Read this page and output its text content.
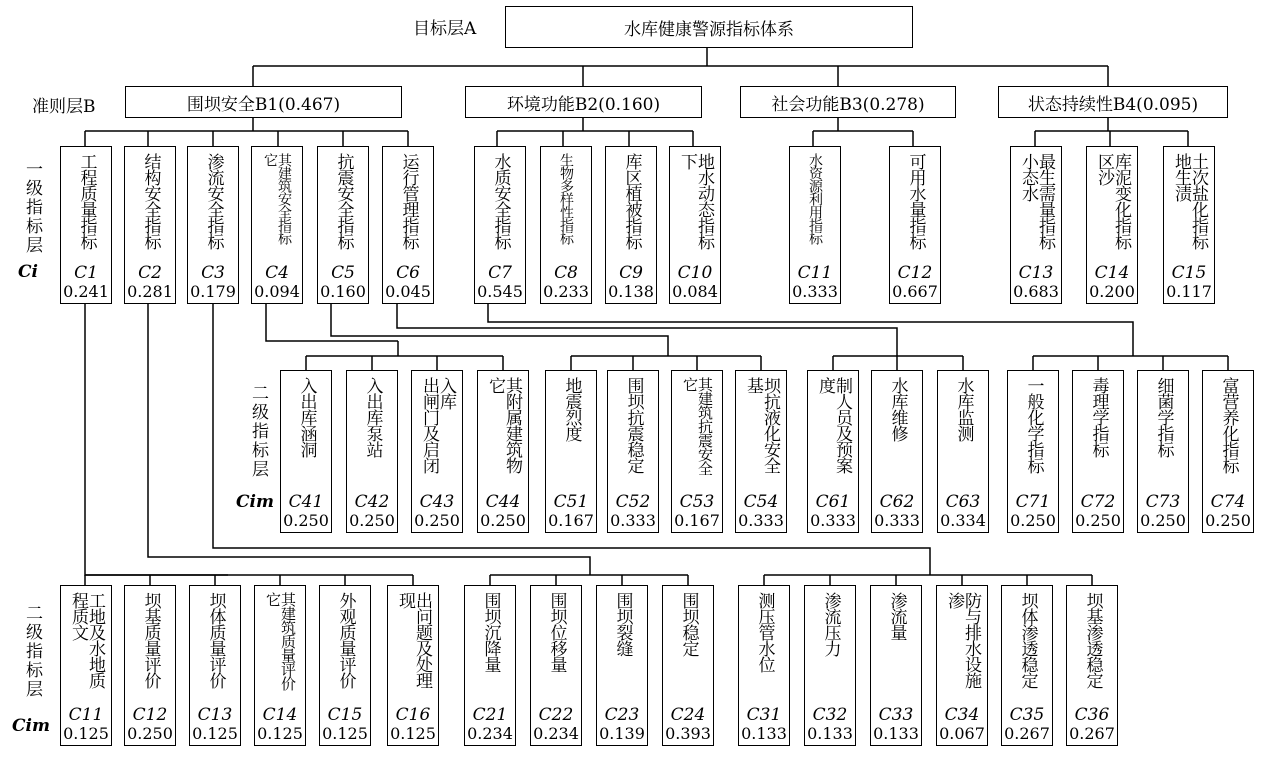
目标层A	水库健康警源指标体系
准则层B	围坝安全B1(0.467)	环境功能B2(0.160)	社会功能B3(0.278)	状态持续性B4(0.095)
一级指标层
Ci
二级指标层
Cim
二级指标层
Cim
工程质量指标
C1
0.241
结构安全指标
C2
0.281
渗流安全指标
C3
0.179
其建筑安全指标
它
C4
0.094
抗震安全指标
C5
0.160
运行管理指标
C6
0.045
水质安全指标
C7
0.545
生物多样性指标
C8
0.233
库区植被指标
C9
0.138
地水动态指标
下
C10
0.084
水资源利用指标
C11
0.333
可用水量指标
C12
0.667
最生需量指标
小态水
C13
0.683
库泥变化指标
区沙
C14
0.200
土次盐化指标
地生渍
C15
0.117
入出库涵洞
C41
0.250
入出库泵站
C42
0.250
入库
出闸门及启闭
C43
0.250
其附属建筑物
它
C44
0.250
地震烈度
C51
0.167
围坝抗震稳定
C52
0.333
其建筑抗震安全
它
C53
0.167
坝抗液化安全
基
C54
0.333
制人员及预案
度
C61
0.333
水库维修
C62
0.333
水库监测
C63
0.334
一般化学指标
C71
0.250
毒理学指标
C72
0.250
细菌学指标
C73
0.250
富营养化指标
C74
0.250
工地及水地质
程质文
C11
0.125
坝基质量评价
C12
0.250
坝体质量评价
C13
0.125
其建筑质量评价
它
C14
0.125
外观质量评价
C15
0.125
出问题及处理
现
C16
0.125
围坝沉降量
C21
0.234
围坝位移量
C22
0.234
围坝裂缝
C23
0.139
围坝稳定
C24
0.393
测压管水位
C31
0.133
渗流压力
C32
0.133
渗流量
C33
0.133
防与排水设施
渗
C34
0.067
坝体渗透稳定
C35
0.267
坝基渗透稳定
C36
0.267
